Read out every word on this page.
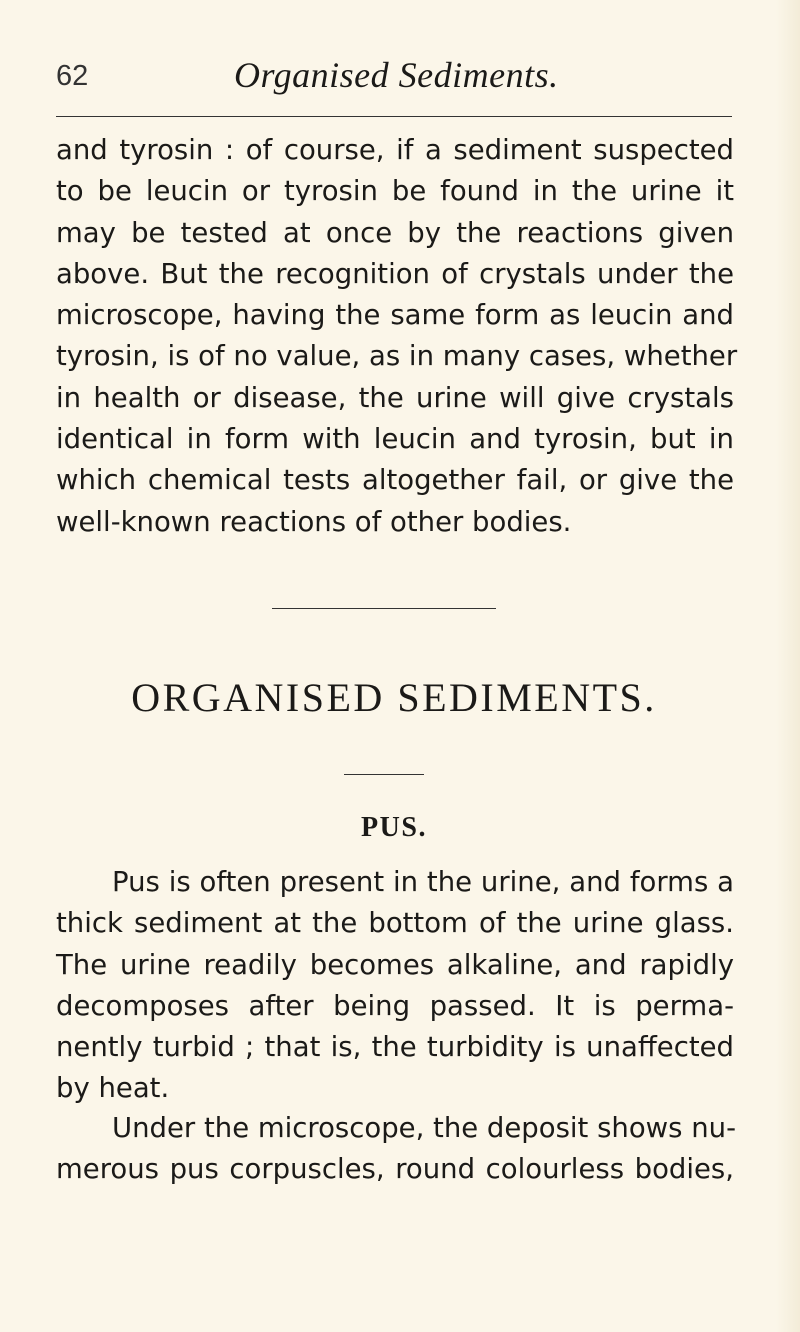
62	Organised Sediments.

and tyrosin : of course, if a sediment suspected
to be leucin or tyrosin be found in the urine it
may be tested at once by the reactions given
above. But the recognition of crystals under the
microscope, having the same form as leucin and
tyrosin, is of no value, as in many cases, whether
in health or disease, the urine will give crystals
identical in form with leucin and tyrosin, but in
which chemical tests altogether fail, or give the
well-known reactions of other bodies.

ORGANISED SEDIMENTS.
PUS.

Pus is often present in the urine, and forms a
thick sediment at the bottom of the urine glass.
The urine readily becomes alkaline, and rapidly
decomposes after being passed. It is perma-
nently turbid ; that is, the turbidity is unaffected
by heat.

Under the microscope, the deposit shows nu-
merous pus corpuscles, round colourless bodies,
